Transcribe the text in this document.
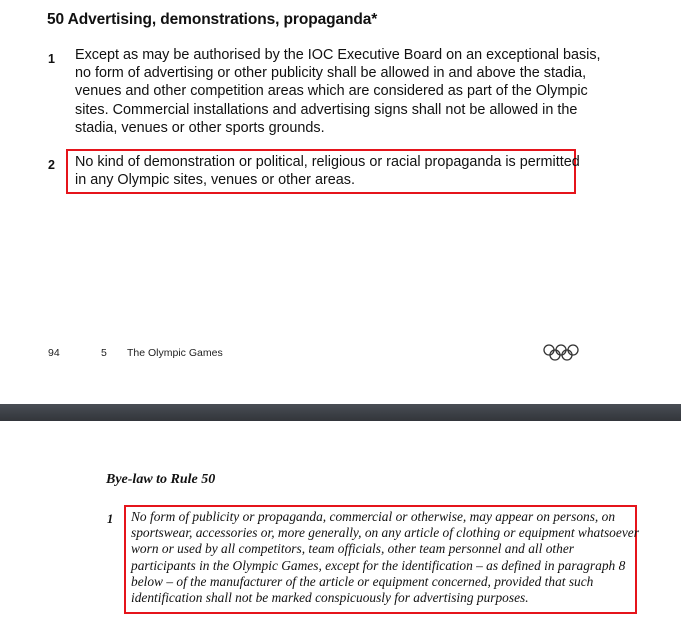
50 Advertising, demonstrations, propaganda*
1 Except as may be authorised by the IOC Executive Board on an exceptional basis,
no form of advertising or other publicity shall be allowed in and above the stadia,
venues and other competition areas which are considered as part of the Olympic
sites. Commercial installations and advertising signs shall not be allowed in the
stadia, venues or other sports grounds.

2 No kind of demonstration or political, religious or racial propaganda is permitted
in any Olympic sites, venues or other areas.

94	5 The Olympic Games
Bye-law to Rule 50
1 No form of publicity or propaganda, commercial or otherwise, may appear on persons, on
sportswear, accessories or, more generally, on any article of clothing or equipment whatsoever
worn or used by all competitors, team officials, other team personnel and all other
participants in the Olympic Games, except for the identification – as defined in paragraph 8
below – of the manufacturer of the article or equipment concerned, provided that such
identification shall not be marked conspicuously for advertising purposes.
